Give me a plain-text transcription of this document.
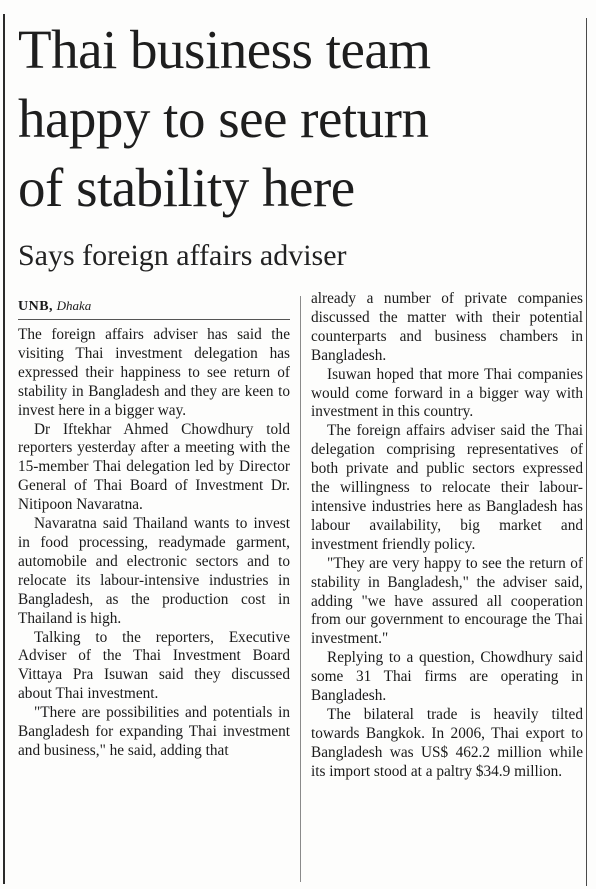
Thai business team
happy to see return
of stability here
Says foreign affairs adviser
UNB, Dhaka

The foreign affairs adviser has said the visiting Thai investment delegation has expressed their happiness to see return of stability in Bangladesh and they are keen to invest here in a bigger way.

Dr Iftekhar Ahmed Chowdhury told reporters yesterday after a meeting with the 15-member Thai delegation led by Director General of Thai Board of Investment Dr. Nitipoon Navaratna.

Navaratna said Thailand wants to invest in food processing, readymade garment, automobile and electronic sectors and to relocate its labour-intensive industries in Bangladesh, as the production cost in Thailand is high.

Talking to the reporters, Executive Adviser of the Thai Investment Board Vittaya Pra Isuwan said they discussed about Thai investment.

"There are possibilities and potentials in Bangladesh for expanding Thai investment and business," he said, adding that

already a number of private companies discussed the matter with their potential counterparts and business chambers in Bangladesh.

Isuwan hoped that more Thai companies would come forward in a bigger way with investment in this country.

The foreign affairs adviser said the Thai delegation comprising representatives of both private and public sectors expressed the willingness to relocate their labour-intensive industries here as Bangladesh has labour availability, big market and investment friendly policy.

"They are very happy to see the return of stability in Bangladesh," the adviser said, adding "we have assured all cooperation from our government to encourage the Thai investment."

Replying to a question, Chowdhury said some 31 Thai firms are operating in Bangladesh.

The bilateral trade is heavily tilted towards Bangkok. In 2006, Thai export to Bangladesh was US$ 462.2 million while its import stood at a paltry $34.9 million.
